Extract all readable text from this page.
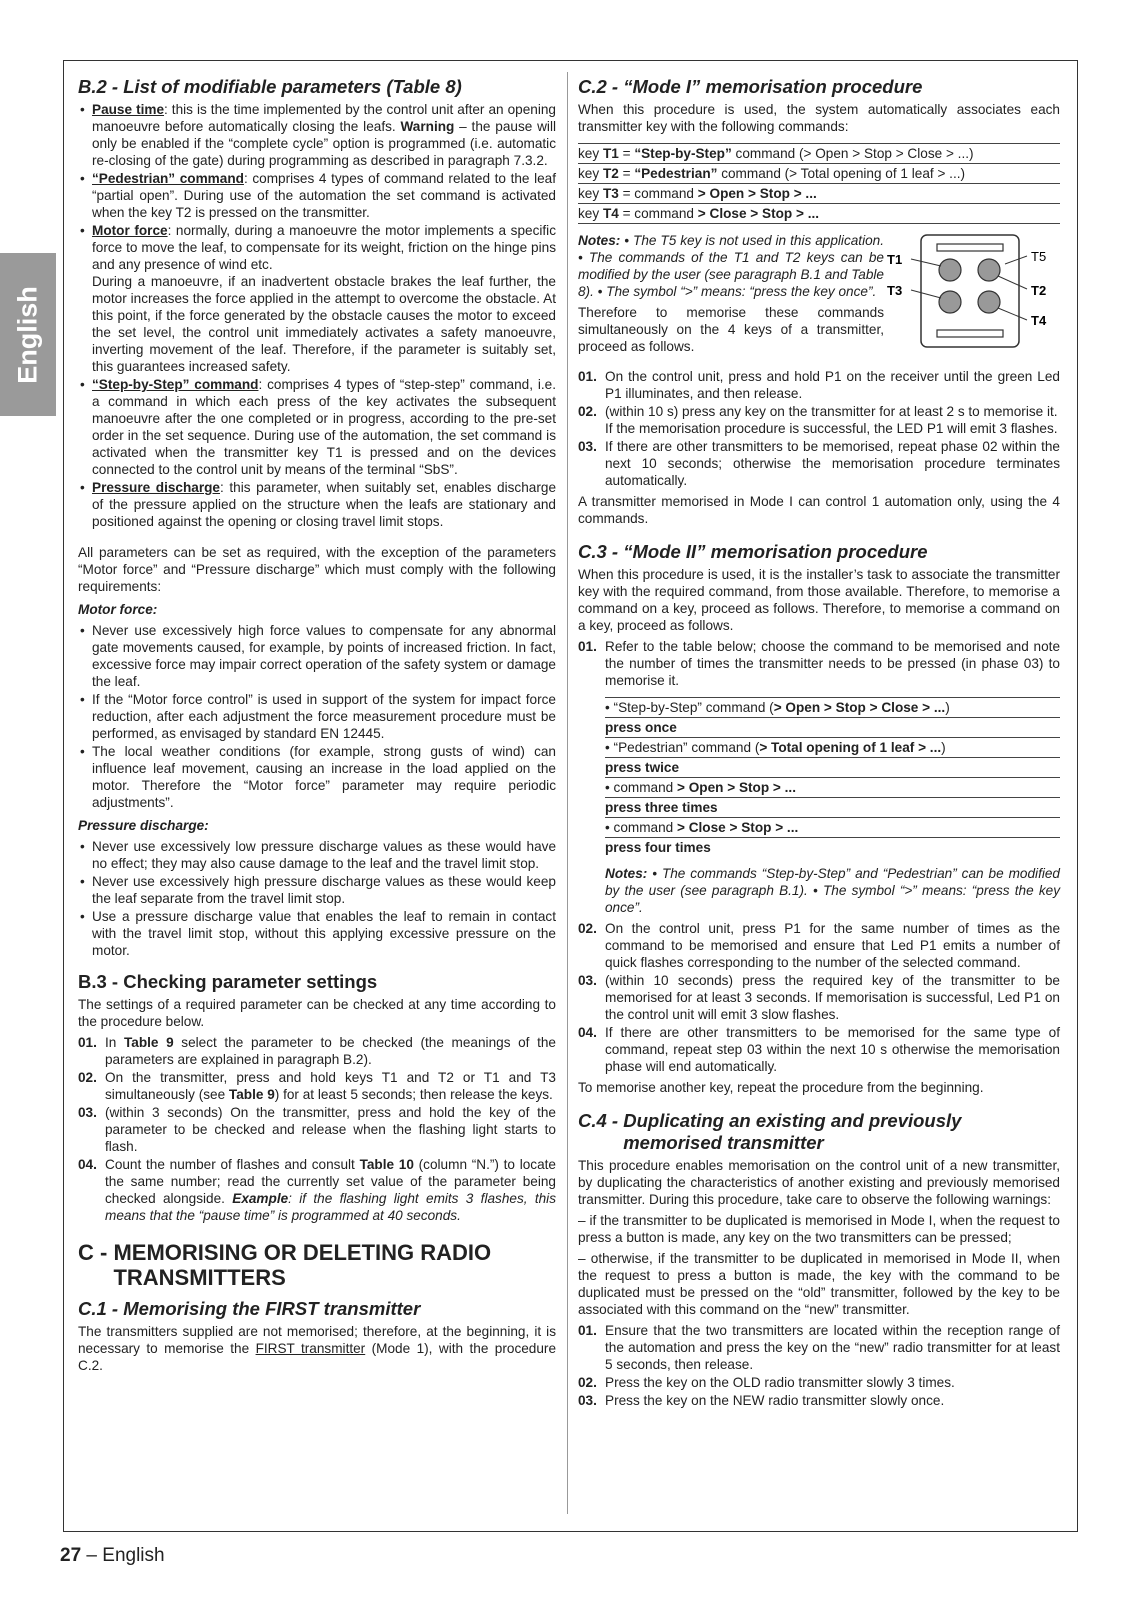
English
B.2 - List of modifiable parameters (Table 8)
• Pause time: this is the time implemented by the control unit after an opening manoeuvre before automatically closing the leafs. Warning – the pause will only be enabled if the “complete cycle” option is programmed (i.e. automatic re-closing of the gate) during programming as described in paragraph 7.3.2.
• “Pedestrian” command: comprises 4 types of command related to the leaf “partial open”. During use of the automation the set command is activated when the key T2 is pressed on the transmitter.
• Motor force: normally, during a manoeuvre the motor implements a specific force to move the leaf, to compensate for its weight, friction on the hinge pins and any presence of wind etc.
During a manoeuvre, if an inadvertent obstacle brakes the leaf further, the motor increases the force applied in the attempt to overcome the obstacle. At this point, if the force generated by the obstacle causes the motor to exceed the set level, the control unit immediately activates a safety manoeuvre, inverting movement of the leaf. Therefore, if the parameter is suitably set, this guarantees increased safety.
• “Step-by-Step” command: comprises 4 types of “step-step” command, i.e. a command in which each press of the key activates the subsequent manoeuvre after the one completed or in progress, according to the pre-set order in the set sequence. During use of the automation, the set command is activated when the transmitter key T1 is pressed and on the devices connected to the control unit by means of the terminal “SbS”.
• Pressure discharge: this parameter, when suitably set, enables discharge of the pressure applied on the structure when the leafs are stationary and positioned against the opening or closing travel limit stops.

All parameters can be set as required, with the exception of the parameters “Motor force” and “Pressure discharge” which must comply with the following requirements:

Motor force:
• Never use excessively high force values to compensate for any abnormal gate movements caused, for example, by points of increased friction. In fact, excessive force may impair correct operation of the safety system or damage the leaf.
• If the “Motor force control” is used in support of the system for impact force reduction, after each adjustment the force measurement procedure must be performed, as envisaged by standard EN 12445.
• The local weather conditions (for example, strong gusts of wind) can influence leaf movement, causing an increase in the load applied on the motor. Therefore the “Motor force” parameter may require periodic adjustments”.
Pressure discharge:
• Never use excessively low pressure discharge values as these would have no effect; they may also cause damage to the leaf and the travel limit stop.
• Never use excessively high pressure discharge values as these would keep the leaf separate from the travel limit stop.
• Use a pressure discharge value that enables the leaf to remain in contact with the travel limit stop, without this applying excessive pressure on the motor.
B.3 - Checking parameter settings

The settings of a required parameter can be checked at any time according to the procedure below.

01. In Table 9 select the parameter to be checked (the meanings of the parameters are explained in paragraph B.2).
02. On the transmitter, press and hold keys T1 and T2 or T1 and T3 simultaneously (see Table 9) for at least 5 seconds; then release the keys.
03. (within 3 seconds) On the transmitter, press and hold the key of the parameter to be checked and release when the flashing light starts to flash.
04. Count the number of flashes and consult Table 10 (column “N.”) to locate the same number; read the currently set value of the parameter being checked alongside. Example: if the flashing light emits 3 flashes, this means that the “pause time” is programmed at 40 seconds.
C - MEMORISING OR DELETING RADIO TRANSMITTERS
C.1 - Memorising the FIRST transmitter

The transmitters supplied are not memorised; therefore, at the beginning, it is necessary to memorise the FIRST transmitter (Mode 1), with the procedure C.2.

C.2 - “Mode I” memorisation procedure

When this procedure is used, the system automatically associates each transmitter key with the following commands:

key T1 = “Step-by-Step” command (> Open > Stop > Close > ...)
key T2 = “Pedestrian” command (> Total opening of 1 leaf > ...)
key T3 = command > Open > Stop > ...
key T4 = command > Close > Stop > ...

Notes: • The T5 key is not used in this application. • The commands of the T1 and T2 keys can be modified by the user (see paragraph B.1 and Table 8). • The symbol “>” means: “press the key once”.

Therefore to memorise these commands simultaneously on the 4 keys of a transmitter, proceed as follows.

T1
T3
T5
T2
T4
01. On the control unit, press and hold P1 on the receiver until the green Led P1 illuminates, and then release.
02. (within 10 s) press any key on the transmitter for at least 2 s to memorise it.
If the memorisation procedure is successful, the LED P1 will emit 3 flashes.
03. If there are other transmitters to be memorised, repeat phase 02 within the next 10 seconds; otherwise the memorisation procedure terminates automatically.

A transmitter memorised in Mode I can control 1 automation only, using the 4 commands.

C.3 - “Mode II” memorisation procedure

When this procedure is used, it is the installer’s task to associate the transmitter key with the required command, from those available. Therefore, to memorise a command on a key, proceed as follows. Therefore, to memorise a command on a key, proceed as follows.

01. Refer to the table below; choose the command to be memorised and note the number of times the transmitter needs to be pressed (in phase 03) to memorise it.
• “Step-by-Step” command (> Open > Stop > Close > ...)
press once
• “Pedestrian” command (> Total opening of 1 leaf > ...)
press twice
• command > Open > Stop > ...
press three times
• command > Close > Stop > ...
press four times

Notes: • The commands “Step-by-Step” and “Pedestrian” can be modified by the user (see paragraph B.1). • The symbol “>” means: “press the key once”.

02. On the control unit, press P1 for the same number of times as the command to be memorised and ensure that Led P1 emits a number of quick flashes corresponding to the number of the selected command.
03. (within 10 seconds) press the required key of the transmitter to be memorised for at least 3 seconds. If memorisation is successful, Led P1 on the control unit will emit 3 slow flashes.
04. If there are other transmitters to be memorised for the same type of command, repeat step 03 within the next 10 s otherwise the memorisation phase will end automatically.

To memorise another key, repeat the procedure from the beginning.

C.4 - Duplicating an existing and previously memorised transmitter

This procedure enables memorisation on the control unit of a new transmitter, by duplicating the characteristics of another existing and previously memorised transmitter. During this procedure, take care to observe the following warnings:

– if the transmitter to be duplicated is memorised in Mode I, when the request to press a button is made, any key on the two transmitters can be pressed;

– otherwise, if the transmitter to be duplicated in memorised in Mode II, when the request to press a button is made, the key with the command to be duplicated must be pressed on the “old” transmitter, followed by the key to be associated with this command on the “new” transmitter.

01. Ensure that the two transmitters are located within the reception range of the automation and press the key on the “new” radio transmitter for at least 5 seconds, then release.
02. Press the key on the OLD radio transmitter slowly 3 times.
03. Press the key on the NEW radio transmitter slowly once.
27 – English
